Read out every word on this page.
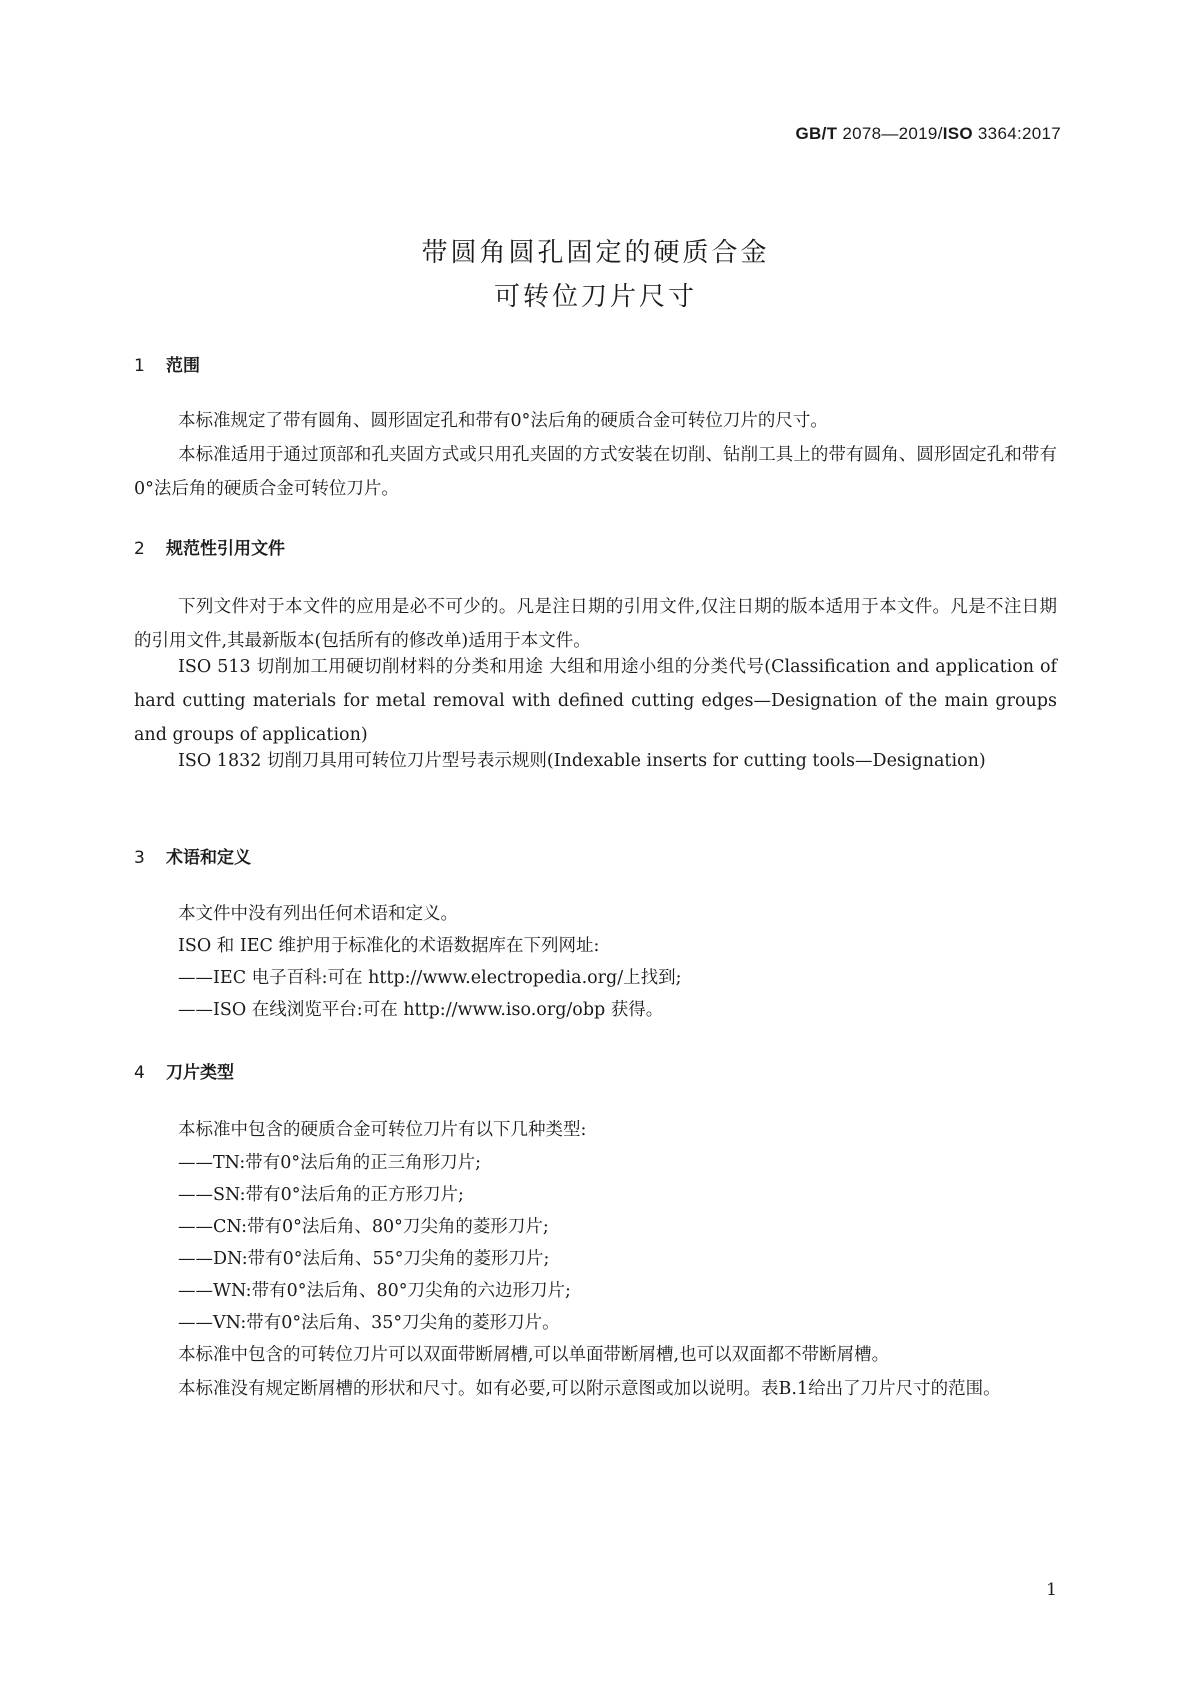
GB/T 2078—2019/ISO 3364:2017
带圆角圆孔固定的硬质合金
可转位刀片尺寸
1 范围
本标准规定了带有圆角、圆形固定孔和带有0°法后角的硬质合金可转位刀片的尺寸。
本标准适用于通过顶部和孔夹固方式或只用孔夹固的方式安装在切削、钻削工具上的带有圆角、圆形固定孔和带有0°法后角的硬质合金可转位刀片。
2 规范性引用文件
下列文件对于本文件的应用是必不可少的。凡是注日期的引用文件,仅注日期的版本适用于本文件。凡是不注日期的引用文件,其最新版本(包括所有的修改单)适用于本文件。
ISO 513 切削加工用硬切削材料的分类和用途 大组和用途小组的分类代号(Classification and application of hard cutting materials for metal removal with defined cutting edges—Designation of the main groups and groups of application)
ISO 1832 切削刀具用可转位刀片型号表示规则(Indexable inserts for cutting tools—Designation)
3 术语和定义
本文件中没有列出任何术语和定义。
ISO 和 IEC 维护用于标准化的术语数据库在下列网址:
——IEC 电子百科:可在 http://www.electropedia.org/上找到;
——ISO 在线浏览平台:可在 http://www.iso.org/obp 获得。
4 刀片类型
本标准中包含的硬质合金可转位刀片有以下几种类型:
——TN:带有0°法后角的正三角形刀片;
——SN:带有0°法后角的正方形刀片;
——CN:带有0°法后角、80°刀尖角的菱形刀片;
——DN:带有0°法后角、55°刀尖角的菱形刀片;
——WN:带有0°法后角、80°刀尖角的六边形刀片;
——VN:带有0°法后角、35°刀尖角的菱形刀片。
本标准中包含的可转位刀片可以双面带断屑槽,可以单面带断屑槽,也可以双面都不带断屑槽。
本标准没有规定断屑槽的形状和尺寸。如有必要,可以附示意图或加以说明。表B.1给出了刀片尺寸的范围。
1
